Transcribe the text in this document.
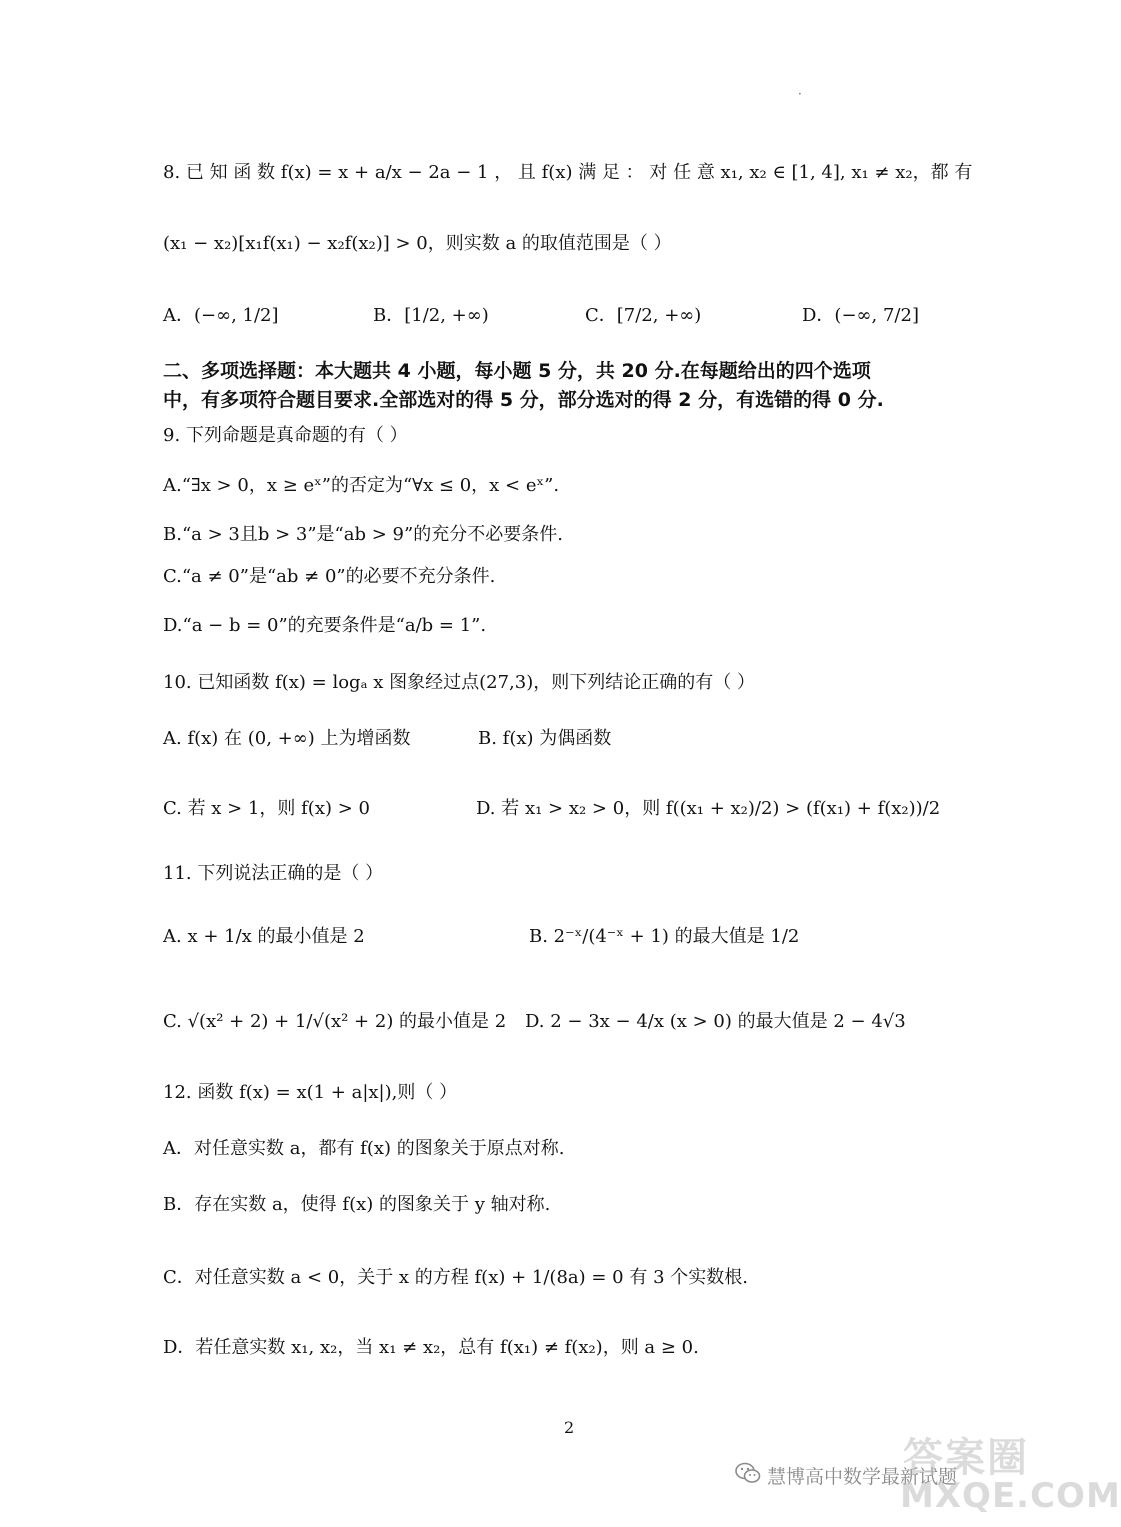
·
8. 已 知 函 数 f(x) = x + a/x − 2a − 1 ， 且 f(x) 满 足 ： 对 任 意 x₁, x₂ ∈ [1, 4], x₁ ≠ x₂，都 有
(x₁ − x₂)[x₁f(x₁) − x₂f(x₂)] > 0，则实数 a 的取值范围是（ ）
A．(−∞, 1/2]	B．[1/2, +∞)	C．[7/2, +∞)	D．(−∞, 7/2]
二、多项选择题：本大题共 4 小题，每小题 5 分，共 20 分.在每题给出的四个选项
中，有多项符合题目要求.全部选对的得 5 分，部分选对的得 2 分，有选错的得 0 分.
9. 下列命题是真命题的有（ ）
A.“∃x > 0，x ≥ eˣ”的否定为“∀x ≤ 0，x < eˣ”.
B.“a > 3且b > 3”是“ab > 9”的充分不必要条件.
C.“a ≠ 0”是“ab ≠ 0”的必要不充分条件.
D.“a − b = 0”的充要条件是“a/b = 1”.
10. 已知函数 f(x) = logₐ x 图象经过点(27,3)，则下列结论正确的有（ ）
A. f(x) 在 (0, +∞) 上为增函数	B. f(x) 为偶函数
C. 若 x > 1，则 f(x) > 0	D. 若 x₁ > x₂ > 0，则 f((x₁ + x₂)/2) > (f(x₁) + f(x₂))/2
11. 下列说法正确的是（ ）
A. x + 1/x 的最小值是 2	B. 2⁻ˣ/(4⁻ˣ + 1) 的最大值是 1/2
C. √(x² + 2) + 1/√(x² + 2) 的最小值是 2 D. 2 − 3x − 4/x (x > 0) 的最大值是 2 − 4√3
12. 函数 f(x) = x(1 + a|x|),则（ ）
A．对任意实数 a，都有 f(x) 的图象关于原点对称.
B．存在实数 a，使得 f(x) 的图象关于 y 轴对称.
C．对任意实数 a < 0，关于 x 的方程 f(x) + 1/(8a) = 0 有 3 个实数根.
D．若任意实数 x₁, x₂，当 x₁ ≠ x₂，总有 f(x₁) ≠ f(x₂)，则 a ≥ 0.
2
慧博高中数学最新试题
答案圈
MXQE.COM
